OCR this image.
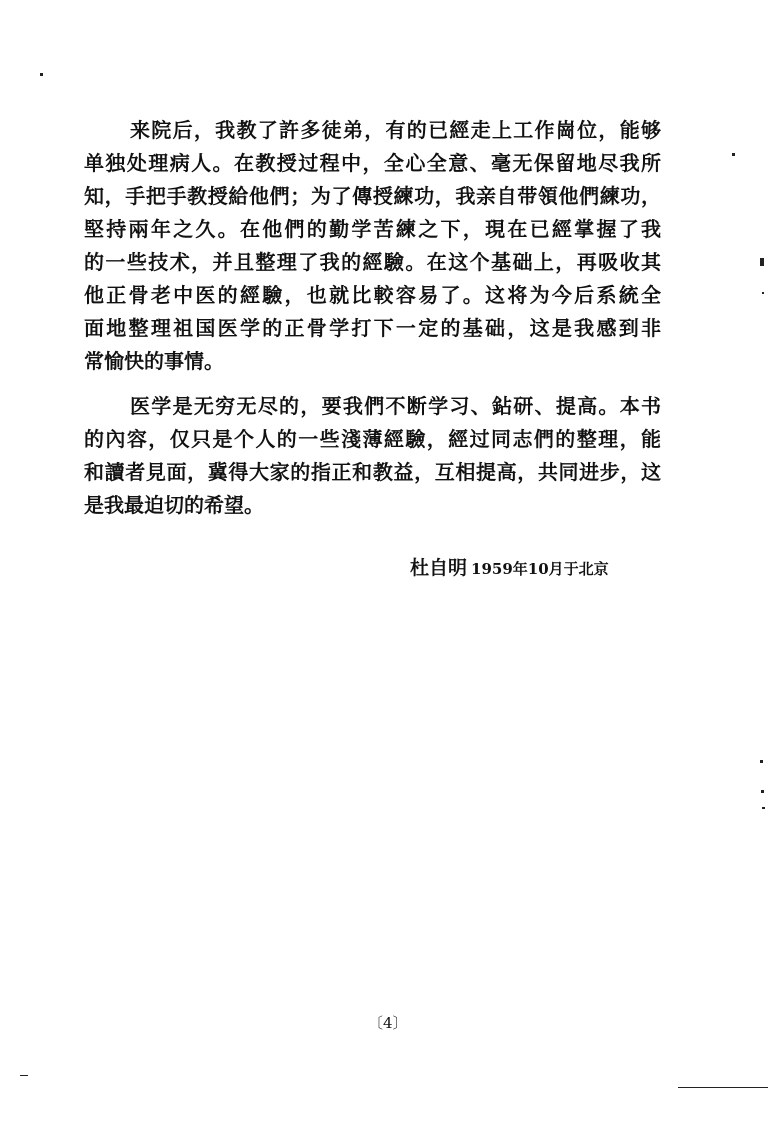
来院后，我教了許多徒弟，有的已經走上工作崗位，能够
单独处理病人。在教授过程中，全心全意、毫无保留地尽我所
知，手把手教授給他們；为了傳授練功，我亲自带領他們練功，
堅持兩年之久。在他們的勤学苦練之下，現在已經掌握了我
的一些技术，并且整理了我的經驗。在这个基础上，再吸收其
他正骨老中医的經驗，也就比較容易了。这将为今后系統全
面地整理祖国医学的正骨学打下一定的基础，这是我感到非
常愉快的事情。
医学是无穷无尽的，要我們不断学习、鉆研、提高。本书
的內容，仅只是个人的一些淺薄經驗，經过同志們的整理，能
和讀者見面，冀得大家的指正和教益，互相提高，共同进步，这
是我最迫切的希望。
杜自明 1959年10月于北京
〔4〕
